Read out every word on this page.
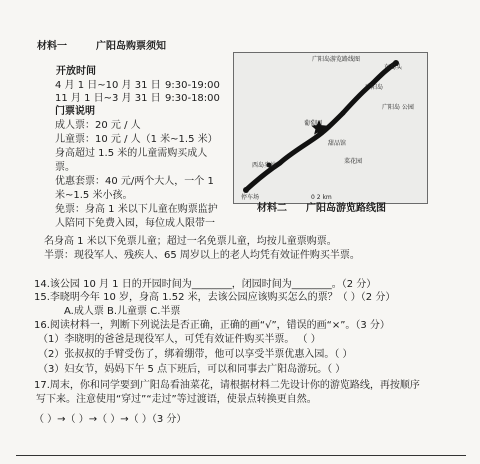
材料一	广阳岛购票须知
开放时间
4 月 1 日~10 月 31 日 9:30-19:00
11 月 1 日~3 月 31 日 9:30-18:00
门票说明
成人票：20 元 / 人
儿童票：10 元 / 人（1 米~1.5 米）
身高超过 1.5 米的儿童需购买成人
票。
优惠套票：40 元/两个大人，一个 1
米~1.5 米小孩。
免票：身高 1 米以下儿童在购票监护
人陪同下免费入园，每位成人限带一
名身高 1 米以下免票儿童；超过一名免票儿童，均按儿童票购票。
半票：现役军人、残疾人、65 周岁以上的老人均凭有效证件购买半票。
广阳岛游览路线图
东岛头
广阳岛
广阳岛 公园
葡萄园
甜品馆
菜花园
西岛头站
停车场	0 2 km
材料二 广阳岛游览路线图
14.该公园 10 月 1 日的开园时间为________，闭园时间为________。（2 分）
15.李晓明今年 10 岁，身高 1.52 米，去该公园应该购买怎么的票？（ ）（2 分）
A.成人票 B.儿童票 C.半票
16.阅读材料一，判断下列说法是否正确，正确的画“√”，错误的画“×”。（3 分）
（1）李晓明的爸爸是现役军人，可凭有效证件购买半票。 （ ）
（2）张叔叔的手臂受伤了，绑着绷带，他可以享受半票优惠入园。（ ）
（3）妇女节，妈妈下午 5 点下班后，可以和同事去广阳岛游玩。（ ）
17.周末，你和同学要到广阳岛看油菜花，请根据材料二先设计你的游览路线，再按顺序
写下来。注意使用“穿过”“走过”等过渡语，使景点转换更自然。
（ ）→（ ）→（ ）→（ ）（3 分）
